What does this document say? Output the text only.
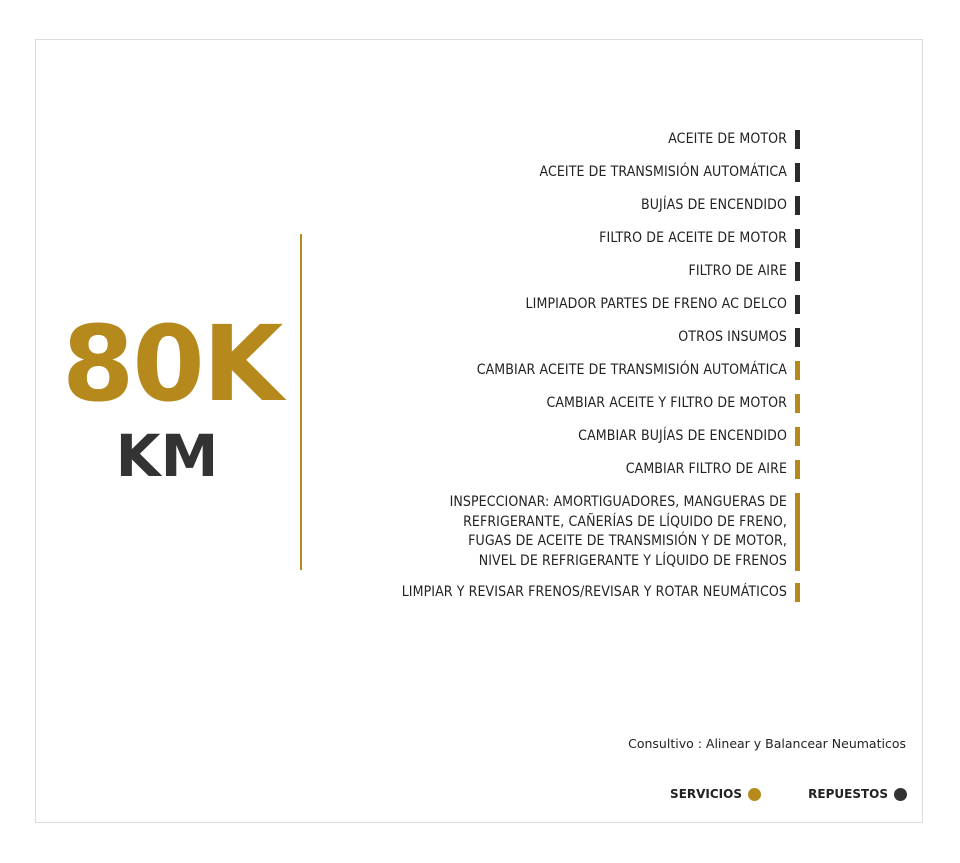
80K
KM
ACEITE DE MOTOR
ACEITE DE TRANSMISIÓN AUTOMÁTICA
BUJÍAS DE ENCENDIDO
FILTRO DE ACEITE DE MOTOR
FILTRO DE AIRE
LIMPIADOR PARTES DE FRENO AC DELCO
OTROS INSUMOS
CAMBIAR ACEITE DE TRANSMISIÓN AUTOMÁTICA
CAMBIAR ACEITE Y FILTRO DE MOTOR
CAMBIAR BUJÍAS DE ENCENDIDO
CAMBIAR FILTRO DE AIRE
INSPECCIONAR: AMORTIGUADORES, MANGUERAS DE
REFRIGERANTE, CAÑERÍAS DE LÍQUIDO DE FRENO,
FUGAS DE ACEITE DE TRANSMISIÓN Y DE MOTOR,
NIVEL DE REFRIGERANTE Y LÍQUIDO DE FRENOS
LIMPIAR Y REVISAR FRENOS/REVISAR Y ROTAR NEUMÁTICOS
Consultivo : Alinear y Balancear Neumaticos
SERVICIOS	REPUESTOS
